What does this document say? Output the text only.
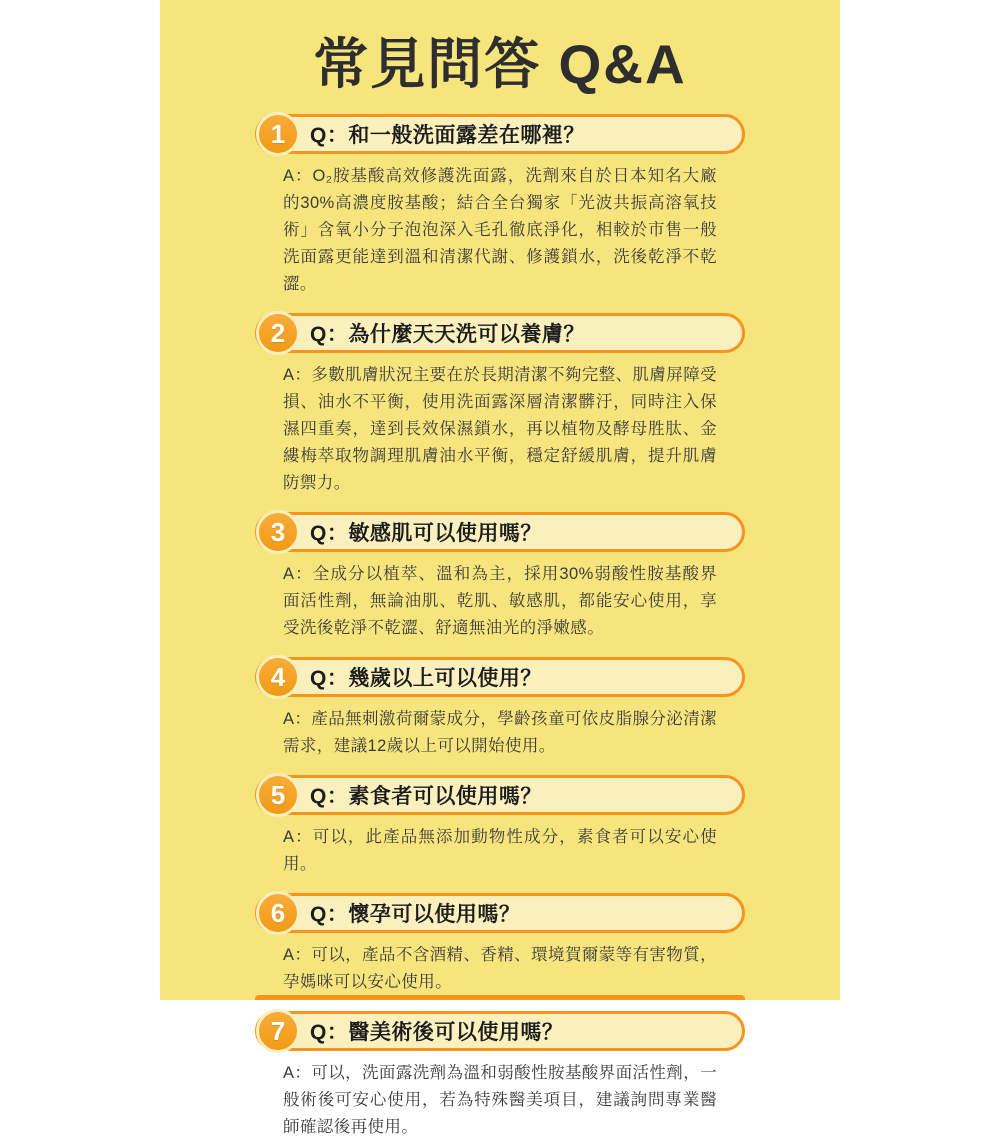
常見問答 Q&A
1	Q：和一般洗面露差在哪裡？

A：O₂胺基酸高效修護洗面露，洗劑來自於日本知名大廠的30%高濃度胺基酸；結合全台獨家「光波共振高溶氧技術」含氧小分子泡泡深入毛孔徹底淨化，相較於市售一般洗面露更能達到溫和清潔代謝、修護鎖水，洗後乾淨不乾澀。

2	Q：為什麼天天洗可以養膚？

A：多數肌膚狀況主要在於長期清潔不夠完整、肌膚屏障受損、油水不平衡，使用洗面露深層清潔髒汙，同時注入保濕四重奏，達到長效保濕鎖水，再以植物及酵母胜肽、金縷梅萃取物調理肌膚油水平衡，穩定舒緩肌膚，提升肌膚防禦力。

3	Q：敏感肌可以使用嗎？

A：全成分以植萃、溫和為主，採用30%弱酸性胺基酸界面活性劑，無論油肌、乾肌、敏感肌，都能安心使用，享受洗後乾淨不乾澀、舒適無油光的淨嫩感。

4	Q：幾歲以上可以使用？

A：產品無刺激荷爾蒙成分，學齡孩童可依皮脂腺分泌清潔需求，建議12歲以上可以開始使用。

5	Q：素食者可以使用嗎？

A：可以，此產品無添加動物性成分，素食者可以安心使用。

6	Q：懷孕可以使用嗎？

A：可以，產品不含酒精、香精、環境賀爾蒙等有害物質，孕媽咪可以安心使用。

7	Q：醫美術後可以使用嗎？

A：可以，洗面露洗劑為溫和弱酸性胺基酸界面活性劑，一般術後可安心使用，若為特殊醫美項目，建議詢問專業醫師確認後再使用。
